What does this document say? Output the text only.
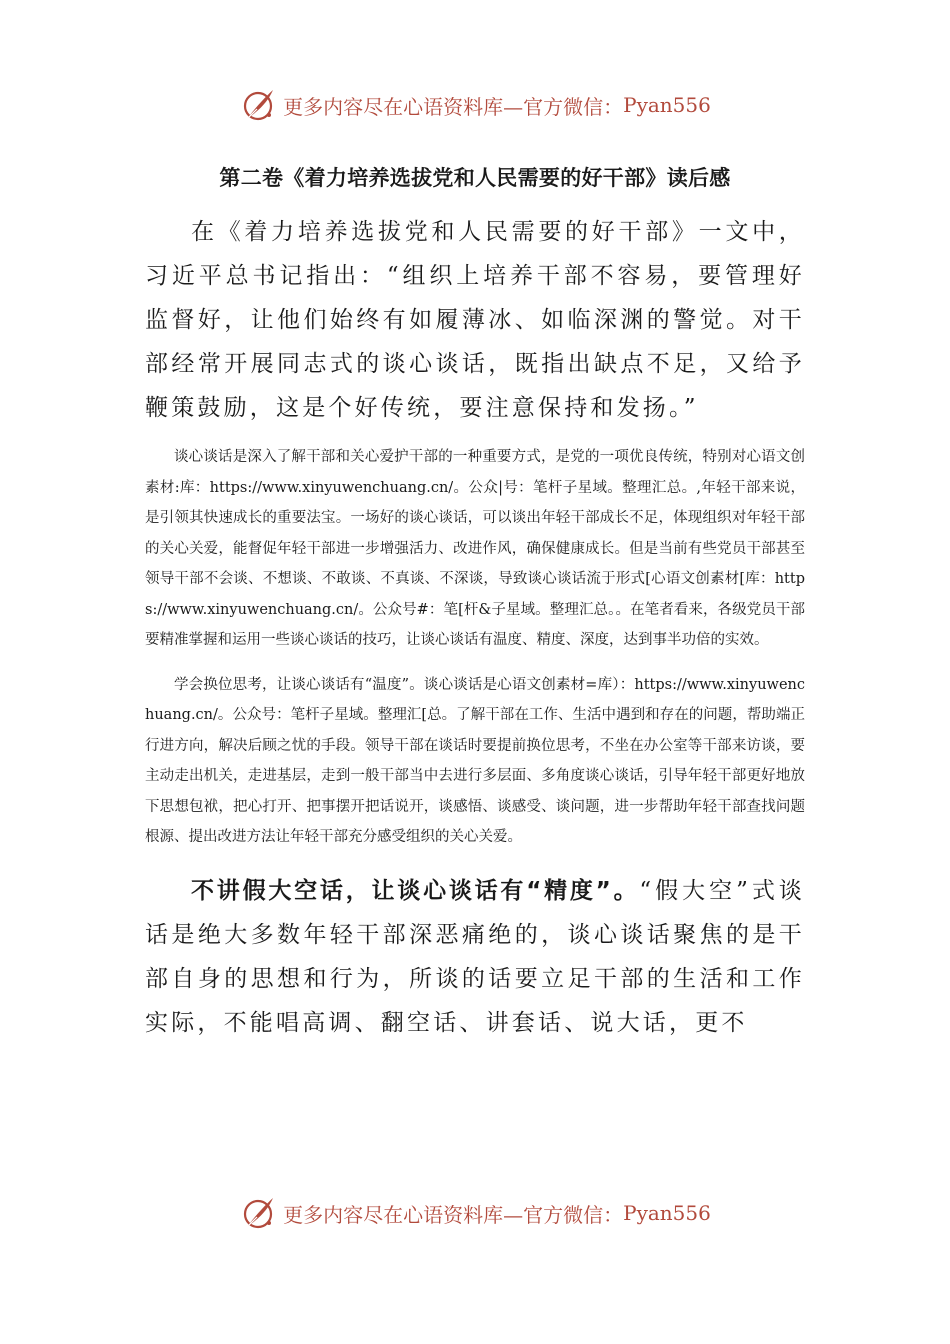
更多内容尽在心语资料库—官方微信： Pyan556
第二卷《着力培养选拔党和人民需要的好干部》读后感

在《着力培养选拔党和人民需要的好干部》一文中，习近平总书记指出：“组织上培养干部不容易，要管理好监督好，让他们始终有如履薄冰、如临深渊的警觉。对干部经常开展同志式的谈心谈话，既指出缺点不足，又给予鞭策鼓励，这是个好传统，要注意保持和发扬。”

谈心谈话是深入了解干部和关心爱护干部的一种重要方式，是党的一项优良传统，特别对心语文创素材:库：https://www.xinyuwenchuang.cn/。公众|号：笔杆子星域。整理汇总。,年轻干部来说，是引领其快速成长的重要法宝。一场好的谈心谈话，可以谈出年轻干部成长不足，体现组织对年轻干部的关心关爱，能督促年轻干部进一步增强活力、改进作风，确保健康成长。但是当前有些党员干部甚至领导干部不会谈、不想谈、不敢谈、不真谈、不深谈，导致谈心谈话流于形式[心语文创素材[库：https://www.xinyuwenchuang.cn/。公众号#：笔[杆&子星域。整理汇总。。在笔者看来，各级党员干部要精准掌握和运用一些谈心谈话的技巧，让谈心谈话有温度、精度、深度，达到事半功倍的实效。

学会换位思考，让谈心谈话有“温度”。谈心谈话是心语文创素材=库）：https://www.xinyuwenchuang.cn/。公众号：笔杆子星域。整理汇[总。了解干部在工作、生活中遇到和存在的问题，帮助端正行进方向，解决后顾之忧的手段。领导干部在谈话时要提前换位思考，不坐在办公室等干部来访谈，要主动走出机关，走进基层，走到一般干部当中去进行多层面、多角度谈心谈话，引导年轻干部更好地放下思想包袱，把心打开、把事摆开把话说开，谈感悟、谈感受、谈问题，进一步帮助年轻干部查找问题根源、提出改进方法让年轻干部充分感受组织的关心关爱。

不讲假大空话，让谈心谈话有“精度”。“假大空”式谈话是绝大多数年轻干部深恶痛绝的，谈心谈话聚焦的是干部自身的思想和行为，所谈的话要立足干部的生活和工作实际，不能唱高调、翻空话、讲套话、说大话，更不

更多内容尽在心语资料库—官方微信： Pyan556
